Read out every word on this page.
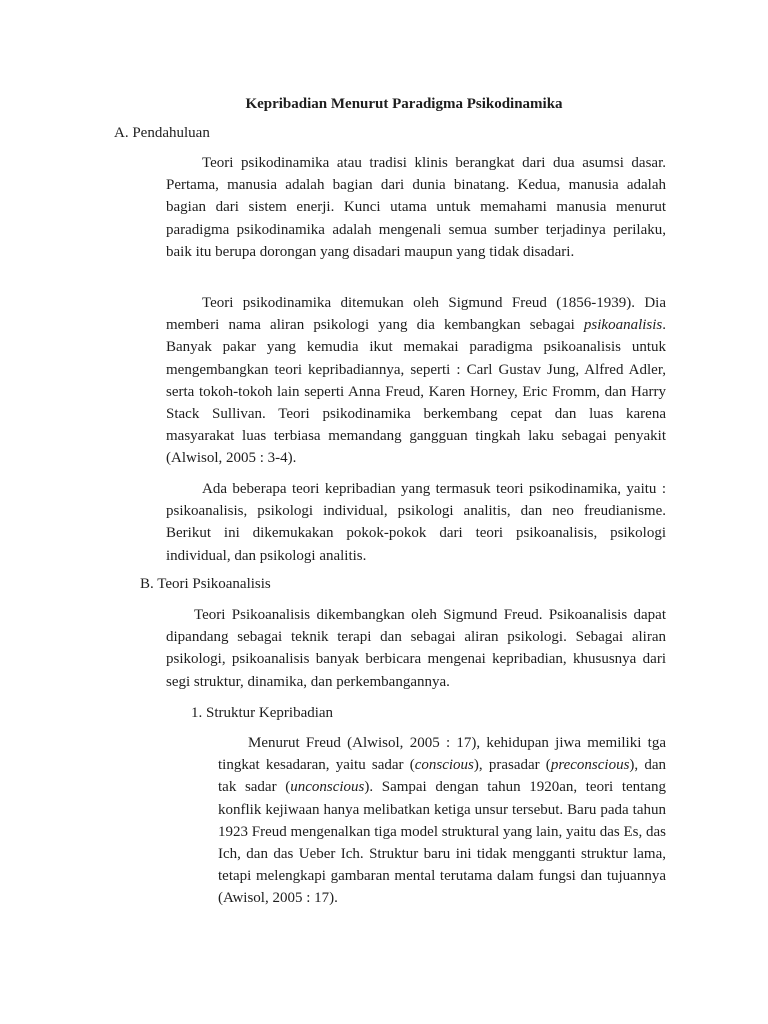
Kepribadian Menurut Paradigma Psikodinamika
A. Pendahuluan

Teori psikodinamika atau tradisi klinis berangkat dari dua asumsi dasar. Pertama, manusia adalah bagian dari dunia binatang. Kedua, manusia adalah bagian dari sistem enerji. Kunci utama untuk memahami manusia menurut paradigma psikodinamika adalah mengenali semua sumber terjadinya perilaku, baik itu berupa dorongan yang disadari maupun yang tidak disadari.

Teori psikodinamika ditemukan oleh Sigmund Freud (1856-1939). Dia memberi nama aliran psikologi yang dia kembangkan sebagai psikoanalisis. Banyak pakar yang kemudia ikut memakai paradigma psikoanalisis untuk mengembangkan teori kepribadiannya, seperti : Carl Gustav Jung, Alfred Adler, serta tokoh-tokoh lain seperti Anna Freud, Karen Horney, Eric Fromm, dan Harry Stack Sullivan. Teori psikodinamika berkembang cepat dan luas karena masyarakat luas terbiasa memandang gangguan tingkah laku sebagai penyakit (Alwisol, 2005 : 3-4).

Ada beberapa teori kepribadian yang termasuk teori psikodinamika, yaitu : psikoanalisis, psikologi individual, psikologi analitis, dan neo freudianisme. Berikut ini dikemukakan pokok-pokok dari teori psikoanalisis, psikologi individual, dan psikologi analitis.

B. Teori Psikoanalisis

Teori Psikoanalisis dikembangkan oleh Sigmund Freud. Psikoanalisis dapat dipandang sebagai teknik terapi dan sebagai aliran psikologi. Sebagai aliran psikologi, psikoanalisis banyak berbicara mengenai kepribadian, khususnya dari segi struktur, dinamika, dan perkembangannya.

1. Struktur Kepribadian

Menurut Freud (Alwisol, 2005 : 17), kehidupan jiwa memiliki tga tingkat kesadaran, yaitu sadar (conscious), prasadar (preconscious), dan tak sadar (unconscious). Sampai dengan tahun 1920an, teori tentang konflik kejiwaan hanya melibatkan ketiga unsur tersebut. Baru pada tahun 1923 Freud mengenalkan tiga model struktural yang lain, yaitu das Es, das Ich, dan das Ueber Ich. Struktur baru ini tidak mengganti struktur lama, tetapi melengkapi gambaran mental terutama dalam fungsi dan tujuannya (Awisol, 2005 : 17).
